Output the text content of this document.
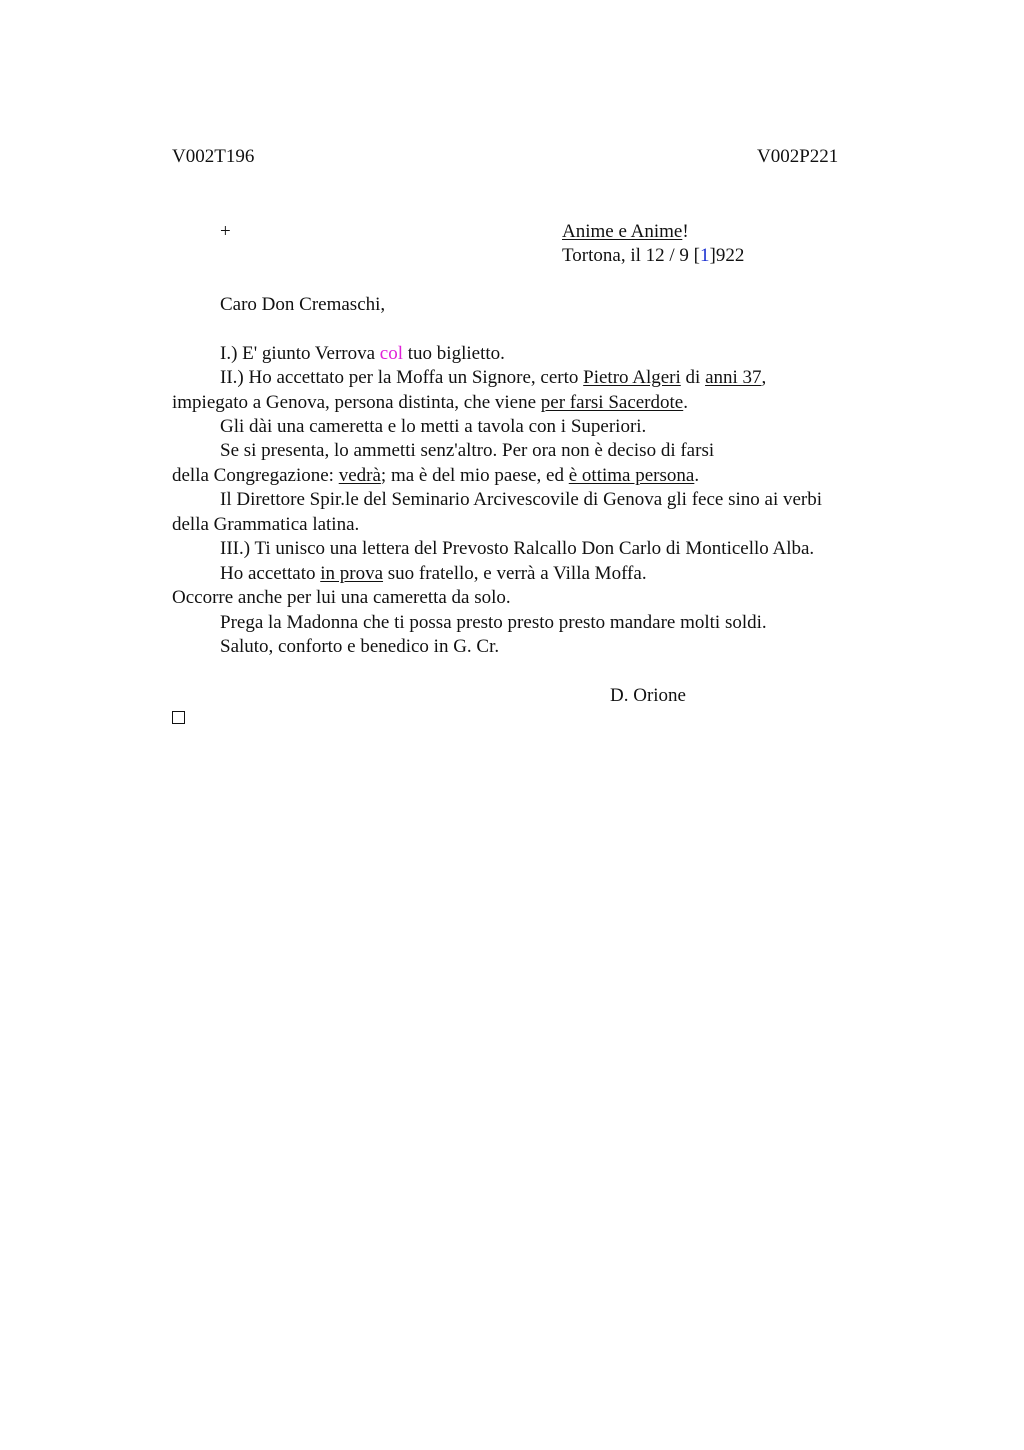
V002T196	V002P221
+	Anime e Anime!
Tortona, il 12 / 9 [1]922
Caro Don Cremaschi,
I.) E' giunto Verrova col tuo biglietto.
II.) Ho accettato per la Moffa un Signore, certo Pietro Algeri di anni 37,
impiegato a Genova, persona distinta, che viene per farsi Sacerdote.
Gli dài una cameretta e lo metti a tavola con i Superiori.
Se si presenta, lo ammetti senz'altro. Per ora non è deciso di farsi
della Congregazione: vedrà; ma è del mio paese, ed è ottima persona.
Il Direttore Spir.le del Seminario Arcivescovile di Genova gli fece sino ai verbi
della Grammatica latina.
III.) Ti unisco una lettera del Prevosto Ralcallo Don Carlo di Monticello Alba.
Ho accettato in prova suo fratello, e verrà a Villa Moffa.
Occorre anche per lui una cameretta da solo.
Prega la Madonna che ti possa presto presto presto mandare molti soldi.
Saluto, conforto e benedico in G. Cr.
D. Orione
